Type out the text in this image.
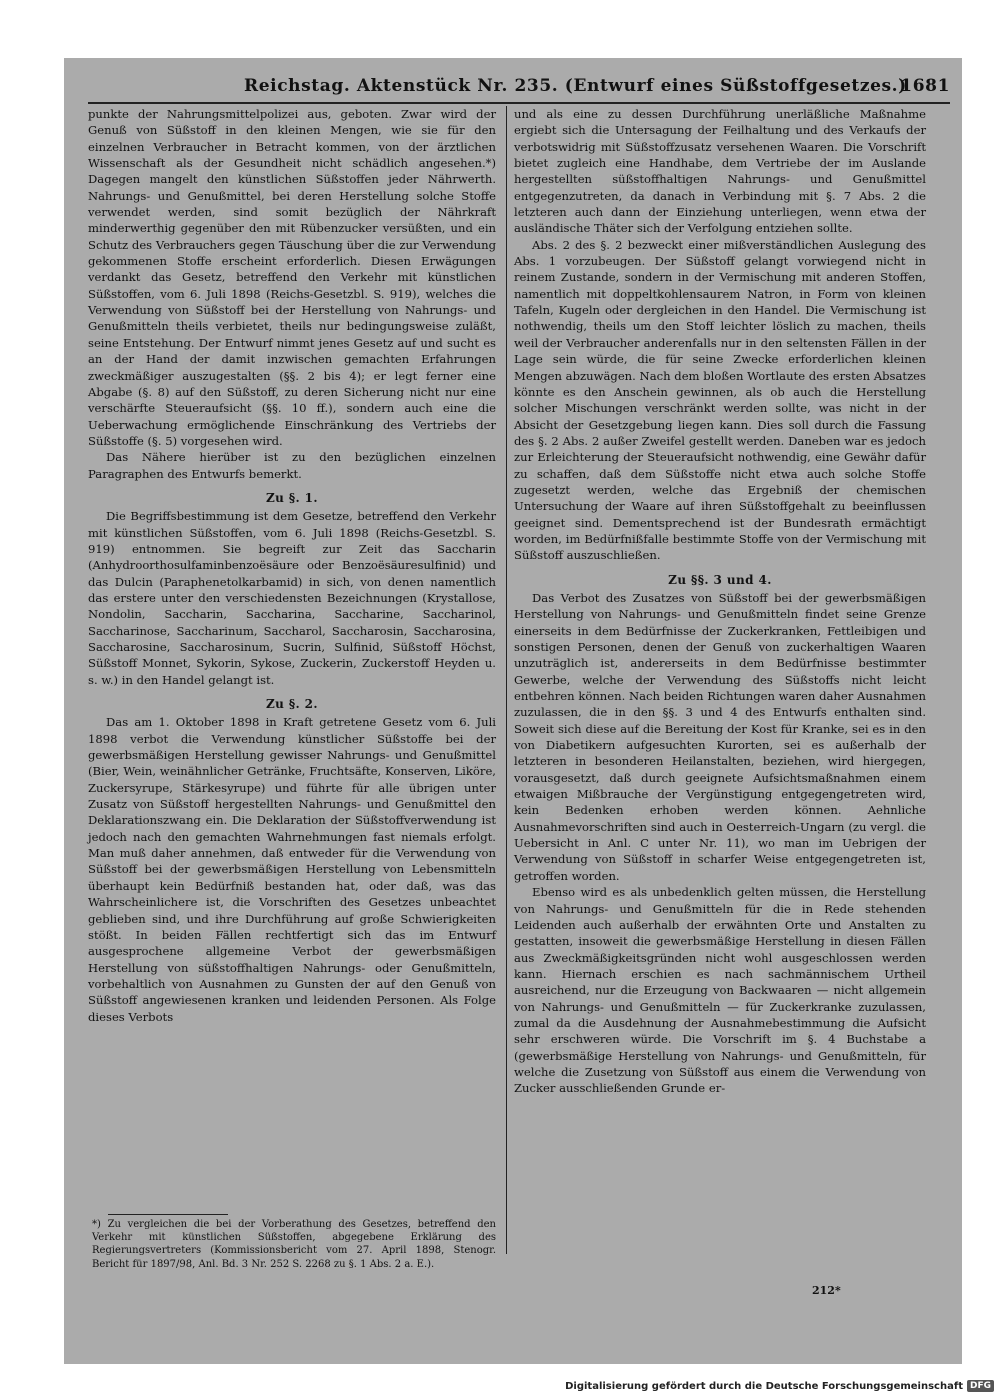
Reichstag. Aktenstück Nr. 235. (Entwurf eines Süßstoffgesetzes.)
1681

punkte der Nahrungsmittelpolizei aus, geboten. Zwar wird der Genuß von Süßstoff in den kleinen Mengen, wie sie für den einzelnen Verbraucher in Betracht kommen, von der ärztlichen Wissenschaft als der Gesundheit nicht schädlich angesehen.*) Dagegen mangelt den künstlichen Süßstoffen jeder Nährwerth. Nahrungs- und Genußmittel, bei deren Herstellung solche Stoffe verwendet werden, sind somit bezüglich der Nährkraft minderwerthig gegenüber den mit Rübenzucker versüßten, und ein Schutz des Verbrauchers gegen Täuschung über die zur Verwendung gekommenen Stoffe erscheint erforderlich. Diesen Erwägungen verdankt das Gesetz, betreffend den Verkehr mit künstlichen Süßstoffen, vom 6. Juli 1898 (Reichs-Gesetzbl. S. 919), welches die Verwendung von Süßstoff bei der Herstellung von Nahrungs- und Genußmitteln theils verbietet, theils nur bedingungsweise zuläßt, seine Entstehung. Der Entwurf nimmt jenes Gesetz auf und sucht es an der Hand der damit inzwischen gemachten Erfahrungen zweckmäßiger auszugestalten (§§. 2 bis 4); er legt ferner eine Abgabe (§. 8) auf den Süßstoff, zu deren Sicherung nicht nur eine verschärfte Steueraufsicht (§§. 10 ff.), sondern auch eine die Ueberwachung ermöglichende Einschränkung des Vertriebs der Süßstoffe (§. 5) vorgesehen wird.

Das Nähere hierüber ist zu den bezüglichen einzelnen Paragraphen des Entwurfs bemerkt.

Zu §. 1.

Die Begriffsbestimmung ist dem Gesetze, betreffend den Verkehr mit künstlichen Süßstoffen, vom 6. Juli 1898 (Reichs-Gesetzbl. S. 919) entnommen. Sie begreift zur Zeit das Saccharin (Anhydroorthosulfaminbenzoësäure oder Benzoësäuresulfinid) und das Dulcin (Paraphenetolkarbamid) in sich, von denen namentlich das erstere unter den verschiedensten Bezeichnungen (Krystallose, Nondolin, Saccharin, Saccharina, Saccharine, Saccharinol, Saccharinose, Saccharinum, Saccharol, Saccharosin, Saccharosina, Saccharosine, Saccharosinum, Sucrin, Sulfinid, Süßstoff Höchst, Süßstoff Monnet, Sykorin, Sykose, Zuckerin, Zuckerstoff Heyden u. s. w.) in den Handel gelangt ist.

Zu §. 2.

Das am 1. Oktober 1898 in Kraft getretene Gesetz vom 6. Juli 1898 verbot die Verwendung künstlicher Süßstoffe bei der gewerbsmäßigen Herstellung gewisser Nahrungs- und Genußmittel (Bier, Wein, weinähnlicher Getränke, Fruchtsäfte, Konserven, Liköre, Zuckersyrupe, Stärkesyrupe) und führte für alle übrigen unter Zusatz von Süßstoff hergestellten Nahrungs- und Genußmittel den Deklarationszwang ein. Die Deklaration der Süßstoffverwendung ist jedoch nach den gemachten Wahrnehmungen fast niemals erfolgt. Man muß daher annehmen, daß entweder für die Verwendung von Süßstoff bei der gewerbsmäßigen Herstellung von Lebensmitteln überhaupt kein Bedürfniß bestanden hat, oder daß, was das Wahrscheinlichere ist, die Vorschriften des Gesetzes unbeachtet geblieben sind, und ihre Durchführung auf große Schwierigkeiten stößt. In beiden Fällen rechtfertigt sich das im Entwurf ausgesprochene allgemeine Verbot der gewerbsmäßigen Herstellung von süßstoffhaltigen Nahrungs- oder Genußmitteln, vorbehaltlich von Ausnahmen zu Gunsten der auf den Genuß von Süßstoff angewiesenen kranken und leidenden Personen. Als Folge dieses Verbots

*) Zu vergleichen die bei der Vorberathung des Gesetzes, betreffend den Verkehr mit künstlichen Süßstoffen, abgegebene Erklärung des Regierungsvertreters (Kommissionsbericht vom 27. April 1898, Stenogr. Bericht für 1897/98, Anl. Bd. 3 Nr. 252 S. 2268 zu §. 1 Abs. 2 a. E.).

und als eine zu dessen Durchführung unerläßliche Maßnahme ergiebt sich die Untersagung der Feilhaltung und des Verkaufs der verbotswidrig mit Süßstoffzusatz versehenen Waaren. Die Vorschrift bietet zugleich eine Handhabe, dem Vertriebe der im Auslande hergestellten süßstoffhaltigen Nahrungs- und Genußmittel entgegenzutreten, da danach in Verbindung mit §. 7 Abs. 2 die letzteren auch dann der Einziehung unterliegen, wenn etwa der ausländische Thäter sich der Verfolgung entziehen sollte.

Abs. 2 des §. 2 bezweckt einer mißverständlichen Auslegung des Abs. 1 vorzubeugen. Der Süßstoff gelangt vorwiegend nicht in reinem Zustande, sondern in der Vermischung mit anderen Stoffen, namentlich mit doppeltkohlensaurem Natron, in Form von kleinen Tafeln, Kugeln oder dergleichen in den Handel. Die Vermischung ist nothwendig, theils um den Stoff leichter löslich zu machen, theils weil der Verbraucher anderenfalls nur in den seltensten Fällen in der Lage sein würde, die für seine Zwecke erforderlichen kleinen Mengen abzuwägen. Nach dem bloßen Wortlaute des ersten Absatzes könnte es den Anschein gewinnen, als ob auch die Herstellung solcher Mischungen verschränkt werden sollte, was nicht in der Absicht der Gesetzgebung liegen kann. Dies soll durch die Fassung des §. 2 Abs. 2 außer Zweifel gestellt werden. Daneben war es jedoch zur Erleichterung der Steueraufsicht nothwendig, eine Gewähr dafür zu schaffen, daß dem Süßstoffe nicht etwa auch solche Stoffe zugesetzt werden, welche das Ergebniß der chemischen Untersuchung der Waare auf ihren Süßstoffgehalt zu beeinflussen geeignet sind. Dementsprechend ist der Bundesrath ermächtigt worden, im Bedürfnißfalle bestimmte Stoffe von der Vermischung mit Süßstoff auszuschließen.

Zu §§. 3 und 4.

Das Verbot des Zusatzes von Süßstoff bei der gewerbsmäßigen Herstellung von Nahrungs- und Genußmitteln findet seine Grenze einerseits in dem Bedürfnisse der Zuckerkranken, Fettleibigen und sonstigen Personen, denen der Genuß von zuckerhaltigen Waaren unzuträglich ist, andererseits in dem Bedürfnisse bestimmter Gewerbe, welche der Verwendung des Süßstoffs nicht leicht entbehren können. Nach beiden Richtungen waren daher Ausnahmen zuzulassen, die in den §§. 3 und 4 des Entwurfs enthalten sind. Soweit sich diese auf die Bereitung der Kost für Kranke, sei es in den von Diabetikern aufgesuchten Kurorten, sei es außerhalb der letzteren in besonderen Heilanstalten, beziehen, wird hiergegen, vorausgesetzt, daß durch geeignete Aufsichtsmaßnahmen einem etwaigen Mißbrauche der Vergünstigung entgegengetreten wird, kein Bedenken erhoben werden können. Aehnliche Ausnahmevorschriften sind auch in Oesterreich-Ungarn (zu vergl. die Uebersicht in Anl. C unter Nr. 11), wo man im Uebrigen der Verwendung von Süßstoff in scharfer Weise entgegengetreten ist, getroffen worden.

Ebenso wird es als unbedenklich gelten müssen, die Herstellung von Nahrungs- und Genußmitteln für die in Rede stehenden Leidenden auch außerhalb der erwähnten Orte und Anstalten zu gestatten, insoweit die gewerbsmäßige Herstellung in diesen Fällen aus Zweckmäßigkeitsgründen nicht wohl ausgeschlossen werden kann. Hiernach erschien es nach sachmännischem Urtheil ausreichend, nur die Erzeugung von Backwaaren — nicht allgemein von Nahrungs- und Genußmitteln — für Zuckerkranke zuzulassen, zumal da die Ausdehnung der Ausnahmebestimmung die Aufsicht sehr erschweren würde. Die Vorschrift im §. 4 Buchstabe a (gewerbsmäßige Herstellung von Nahrungs- und Genußmitteln, für welche die Zusetzung von Süßstoff aus einem die Verwendung von Zucker ausschließenden Grunde er-

212*
Digitalisierung gefördert durch die Deutsche Forschungsgemeinschaft DFG
